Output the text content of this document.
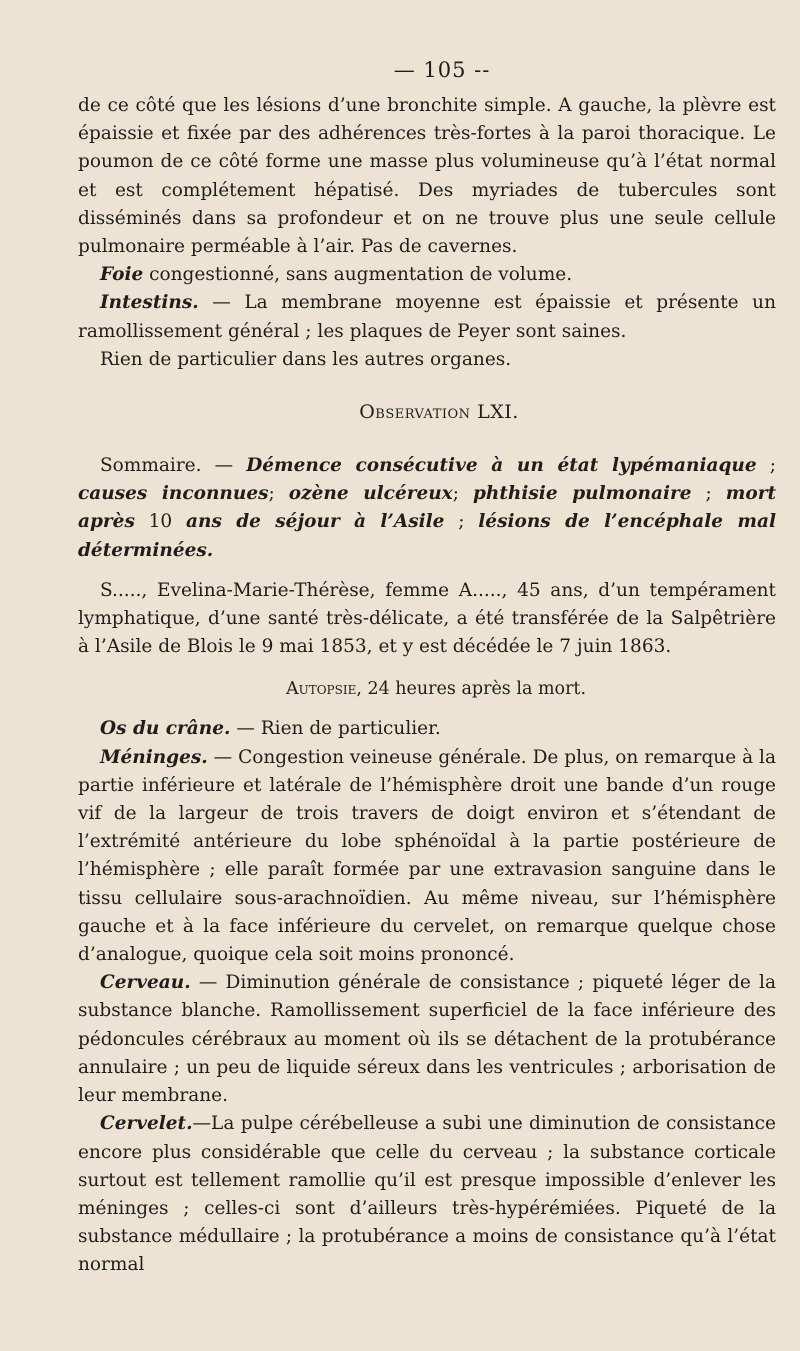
— 105 --

de ce côté que les lésions d’une bronchite simple. A gauche, la plèvre est épaissie et fixée par des adhérences très-fortes à la paroi thoracique. Le poumon de ce côté forme une masse plus volumineuse qu’à l’état normal et est complétement hépatisé. Des myriades de tubercules sont disséminés dans sa profondeur et on ne trouve plus une seule cellule pulmonaire perméable à l’air. Pas de cavernes.

Foie congestionné, sans augmentation de volume.

Intestins. — La membrane moyenne est épaissie et présente un ramollissement général ; les plaques de Peyer sont saines.

Rien de particulier dans les autres organes.

Observation LXI.

Sommaire. — Démence consécutive à un état lypémaniaque ; causes inconnues; ozène ulcéreux; phthisie pulmonaire ; mort après 10 ans de séjour à l’Asile ; lésions de l’encéphale mal déterminées.

S....., Evelina-Marie-Thérèse, femme A....., 45 ans, d’un tempérament lymphatique, d’une santé très-délicate, a été transférée de la Salpêtrière à l’Asile de Blois le 9 mai 1853, et y est décédée le 7 juin 1863.

Autopsie, 24 heures après la mort.

Os du crâne. — Rien de particulier.

Méninges. — Congestion veineuse générale. De plus, on remarque à la partie inférieure et latérale de l’hémisphère droit une bande d’un rouge vif de la largeur de trois travers de doigt environ et s’étendant de l’extrémité antérieure du lobe sphénoïdal à la partie postérieure de l’hémisphère ; elle paraît formée par une extravasion sanguine dans le tissu cellulaire sous-arachnoïdien. Au même niveau, sur l’hémisphère gauche et à la face inférieure du cervelet, on remarque quelque chose d’analogue, quoique cela soit moins prononcé.

Cerveau. — Diminution générale de consistance ; piqueté léger de la substance blanche. Ramollissement superficiel de la face inférieure des pédoncules cérébraux au moment où ils se détachent de la protubérance annulaire ; un peu de liquide séreux dans les ventricules ; arborisation de leur membrane.

Cervelet.—La pulpe cérébelleuse a subi une diminution de consistance encore plus considérable que celle du cerveau ; la substance corticale surtout est tellement ramollie qu’il est presque impossible d’enlever les méninges ; celles-ci sont d’ailleurs très-hypérémiées. Piqueté de la substance médullaire ; la protubérance a moins de consistance qu’à l’état normal
